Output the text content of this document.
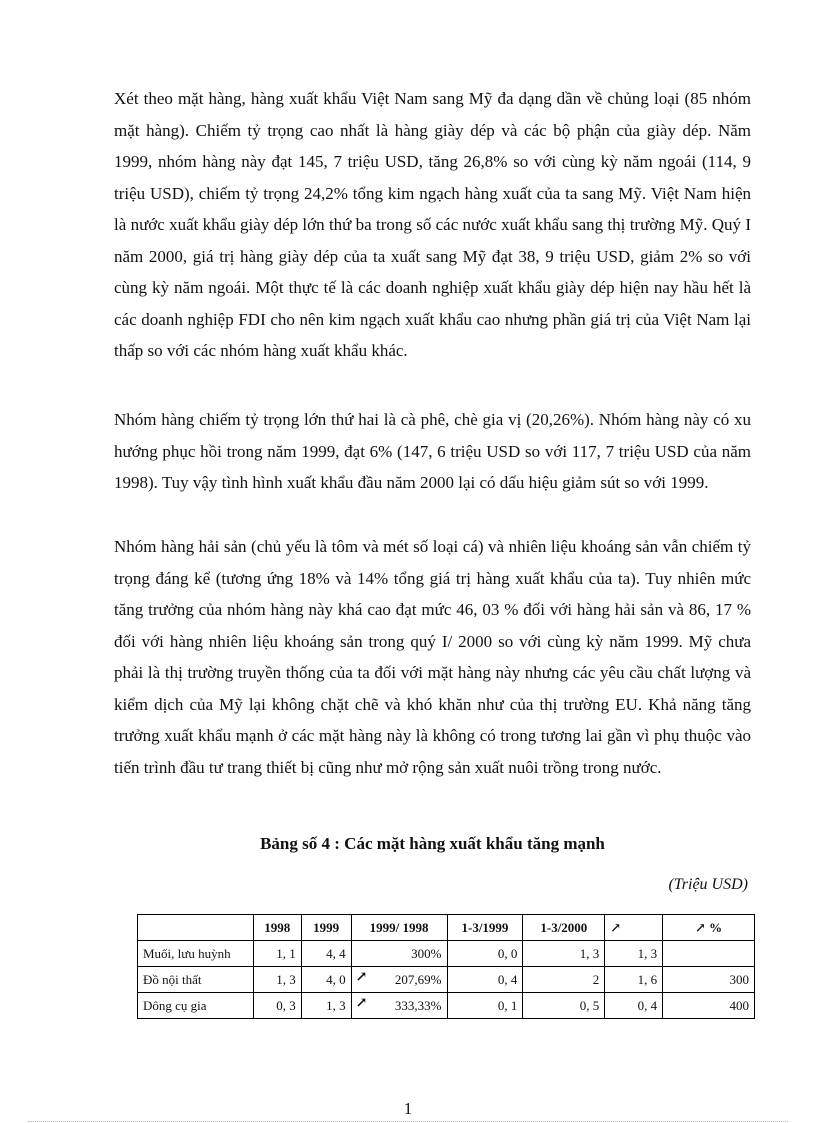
Xét theo mặt hàng, hàng xuất khẩu Việt Nam sang Mỹ đa dạng dần về chủng loại (85 nhóm mặt hàng). Chiếm tỷ trọng cao nhất là hàng giày dép và các bộ phận của giày dép. Năm 1999, nhóm hàng này đạt 145, 7 triệu USD, tăng 26,8% so với cùng kỳ năm ngoái (114, 9 triệu USD), chiếm tỷ trọng 24,2% tổng kim ngạch hàng xuất của ta sang Mỹ. Việt Nam hiện là nước xuất khẩu giày dép lớn thứ ba trong số các nước xuất khẩu sang thị trường Mỹ. Quý I năm 2000, giá trị hàng giày dép của ta xuất sang Mỹ đạt 38, 9 triệu USD, giảm 2% so với cùng kỳ năm ngoái. Một thực tế là các doanh nghiệp xuất khẩu giày dép hiện nay hầu hết là các doanh nghiệp FDI cho nên kim ngạch xuất khẩu cao nhưng phần giá trị của Việt Nam lại thấp so với các nhóm hàng xuất khẩu khác.

Nhóm hàng chiếm tỷ trọng lớn thứ hai là cà phê, chè gia vị (20,26%). Nhóm hàng này có xu hướng phục hồi trong năm 1999, đạt 6% (147, 6 triệu USD so với 117, 7 triệu USD của năm 1998). Tuy vậy tình hình xuất khẩu đầu năm 2000 lại có dấu hiệu giảm sút so với 1999.

Nhóm hàng hải sản (chủ yếu là tôm và mét số loại cá) và nhiên liệu khoáng sản vẫn chiếm tỷ trọng đáng kể (tương ứng 18% và 14% tổng giá trị hàng xuất khẩu của ta). Tuy nhiên mức tăng trưởng của nhóm hàng này khá cao đạt mức 46, 03 % đối với hàng hải sản và 86, 17 % đối với hàng nhiên liệu khoáng sản trong quý I/ 2000 so với cùng kỳ năm 1999. Mỹ chưa phải là thị trường truyền thống của ta đối với mặt hàng này nhưng các yêu cầu chất lượng và kiểm dịch của Mỹ lại không chặt chẽ và khó khăn như của thị trường EU. Khả năng tăng trưởng xuất khẩu mạnh ở các mặt hàng này là không có trong tương lai gần vì phụ thuộc vào tiến trình đầu tư trang thiết bị cũng như mở rộng sản xuất nuôi trồng trong nước.

Bảng số 4 : Các mặt hàng xuất khẩu tăng mạnh
(Triệu USD)
	1998	1999	1999/ 1998	1-3/1999	1-3/2000	↗	↗ %
Muối, lưu huỳnh	1, 1	4, 4	300%	0, 0	1, 3	1, 3	
Đồ nội thất	1, 3	4, 0	↗ 207,69%	0, 4	2	1, 6	300
Dông cụ gia	0, 3	1, 3	↗ 333,33%	0, 1	0, 5	0, 4	400
1
